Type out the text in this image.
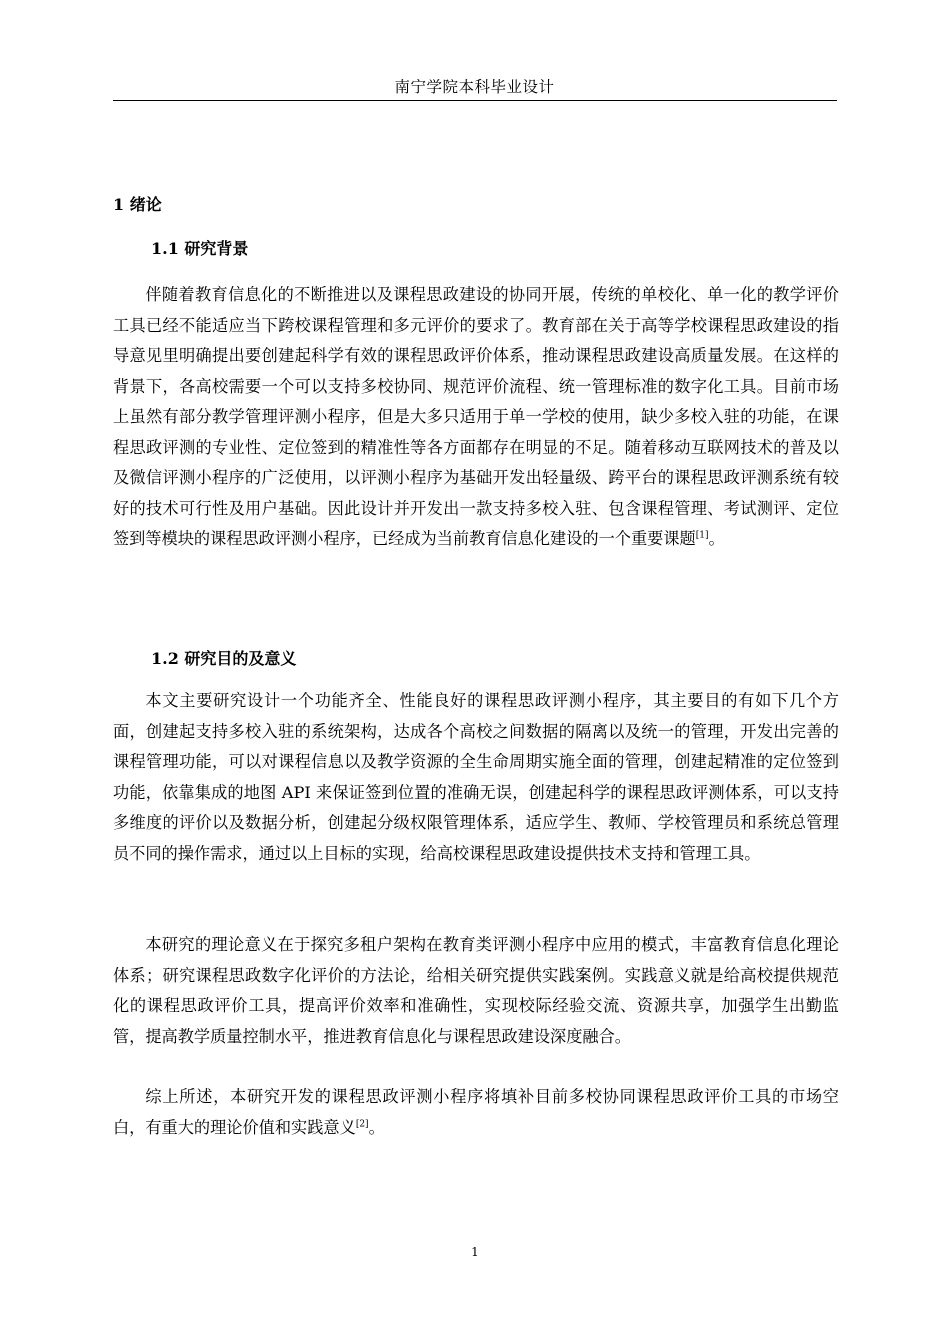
南宁学院本科毕业设计
1 绪论
1.1 研究背景

伴随着教育信息化的不断推进以及课程思政建设的协同开展，传统的单校化、单一化的教学评价工具已经不能适应当下跨校课程管理和多元评价的要求了。教育部在关于高等学校课程思政建设的指导意见里明确提出要创建起科学有效的课程思政评价体系，推动课程思政建设高质量发展。在这样的背景下，各高校需要一个可以支持多校协同、规范评价流程、统一管理标准的数字化工具。目前市场上虽然有部分教学管理评测小程序，但是大多只适用于单一学校的使用，缺少多校入驻的功能，在课程思政评测的专业性、定位签到的精准性等各方面都存在明显的不足。随着移动互联网技术的普及以及微信评测小程序的广泛使用，以评测小程序为基础开发出轻量级、跨平台的课程思政评测系统有较好的技术可行性及用户基础。因此设计并开发出一款支持多校入驻、包含课程管理、考试测评、定位签到等模块的课程思政评测小程序，已经成为当前教育信息化建设的一个重要课题[1]。

1.2 研究目的及意义

本文主要研究设计一个功能齐全、性能良好的课程思政评测小程序，其主要目的有如下几个方面，创建起支持多校入驻的系统架构，达成各个高校之间数据的隔离以及统一的管理，开发出完善的课程管理功能，可以对课程信息以及教学资源的全生命周期实施全面的管理，创建起精准的定位签到功能，依靠集成的地图 API 来保证签到位置的准确无误，创建起科学的课程思政评测体系，可以支持多维度的评价以及数据分析，创建起分级权限管理体系，适应学生、教师、学校管理员和系统总管理员不同的操作需求，通过以上目标的实现，给高校课程思政建设提供技术支持和管理工具。

本研究的理论意义在于探究多租户架构在教育类评测小程序中应用的模式，丰富教育信息化理论体系；研究课程思政数字化评价的方法论，给相关研究提供实践案例。实践意义就是给高校提供规范化的课程思政评价工具，提高评价效率和准确性，实现校际经验交流、资源共享，加强学生出勤监管，提高教学质量控制水平，推进教育信息化与课程思政建设深度融合。

综上所述，本研究开发的课程思政评测小程序将填补目前多校协同课程思政评价工具的市场空白，有重大的理论价值和实践意义[2]。

1
